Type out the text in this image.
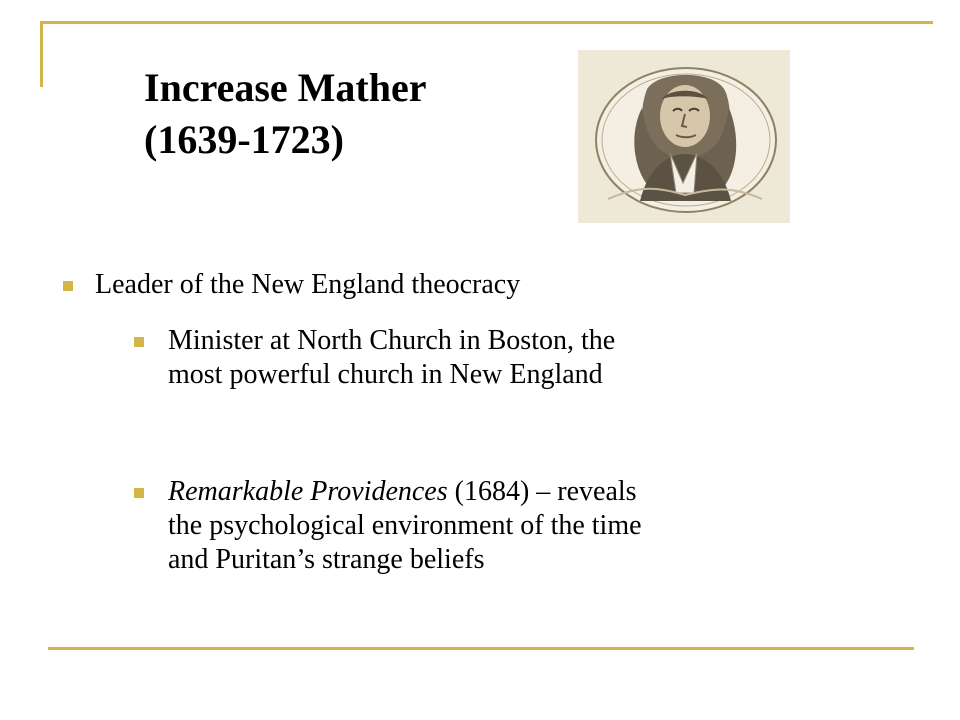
Increase Mather
(1639-1723)
Leader of the New England theocracy
Minister at North Church in Boston, the
most powerful church in New England
Remarkable Providences (1684) – reveals
the psychological environment of the time
and Puritan’s strange beliefs
